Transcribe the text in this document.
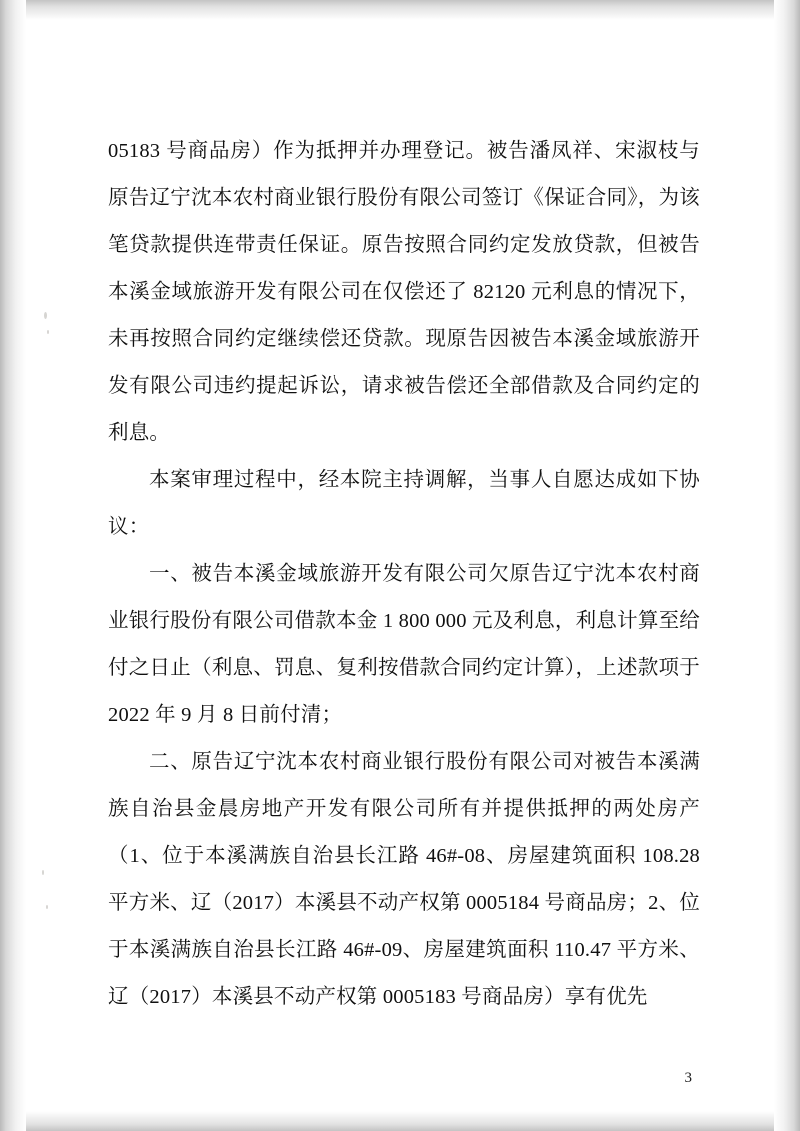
05183 号商品房）作为抵押并办理登记。被告潘凤祥、宋淑枝与原告辽宁沈本农村商业银行股份有限公司签订《保证合同》，为该笔贷款提供连带责任保证。原告按照合同约定发放贷款，但被告本溪金域旅游开发有限公司在仅偿还了 82120 元利息的情况下，未再按照合同约定继续偿还贷款。现原告因被告本溪金域旅游开发有限公司违约提起诉讼，请求被告偿还全部借款及合同约定的利息。

本案审理过程中，经本院主持调解，当事人自愿达成如下协议：

一、被告本溪金域旅游开发有限公司欠原告辽宁沈本农村商业银行股份有限公司借款本金 1 800 000 元及利息，利息计算至给付之日止（利息、罚息、复利按借款合同约定计算），上述款项于 2022 年 9 月 8 日前付清；

二、原告辽宁沈本农村商业银行股份有限公司对被告本溪满族自治县金晨房地产开发有限公司所有并提供抵押的两处房产（1、位于本溪满族自治县长江路 46#-08、房屋建筑面积 108.28 平方米、辽（2017）本溪县不动产权第 0005184 号商品房；2、位于本溪满族自治县长江路 46#-09、房屋建筑面积 110.47 平方米、辽（2017）本溪县不动产权第 0005183 号商品房）享有优先

3
